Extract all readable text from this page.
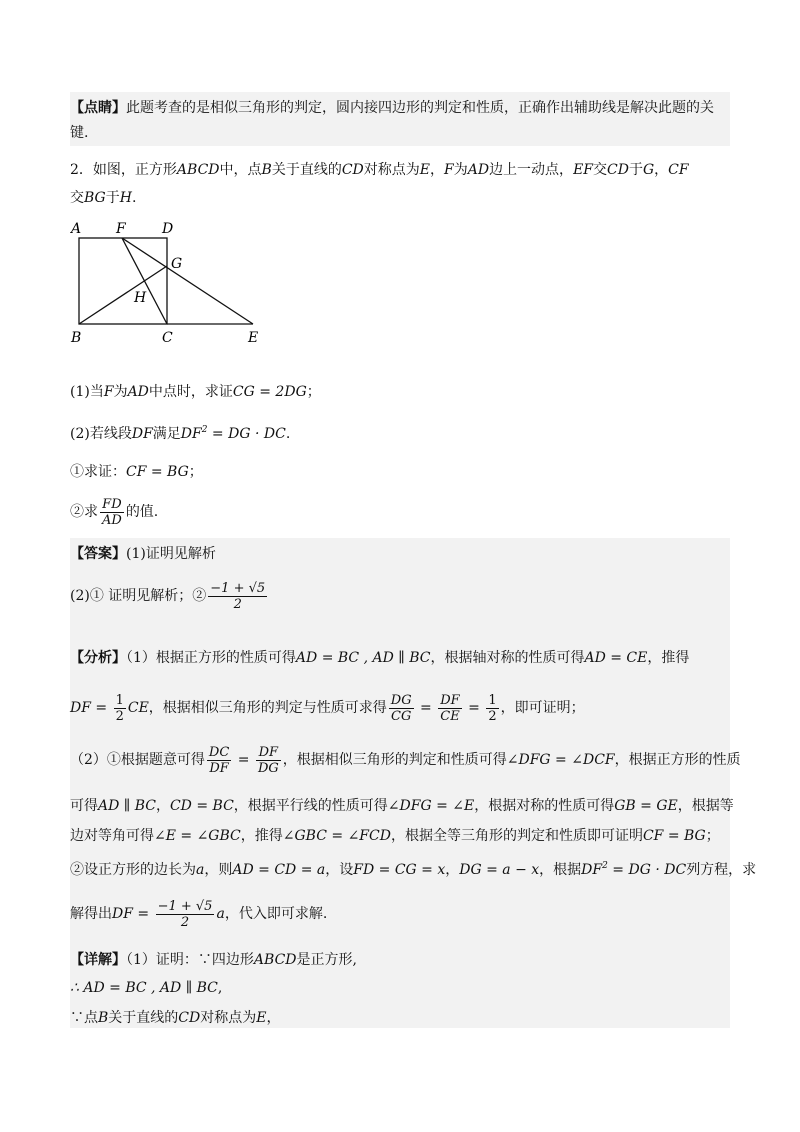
【点睛】此题考查的是相似三角形的判定，圆内接四边形的判定和性质，正确作出辅助线是解决此题的关
键.
2．如图，正方形ABCD中，点B关于直线的CD对称点为E，F为AD边上一动点，EF交CD于G，CF
交BG于H.
A F	D
G
H
B	C	E
(1)当F为AD中点时，求证CG = 2DG；
(2)若线段DF满足$DF^2$ = DG · DC.
①求证：CF = BG；
②求 $\frac{FD}{AD}$ 的值.
【答案】(1)证明见解析
(2)① 证明见解析；② $\frac{-1 + √5}{2}$
【分析】（1）根据正方形的性质可得AD = BC , AD ∥ BC，根据轴对称的性质可得AD = CE，推得
DF = $\frac{1}{2}$ CE，根据相似三角形的判定与性质可求得 $\frac{DG}{CG} = \frac{DF}{CE} = \frac{1}{2}$ ，即可证明；
（2）①根据题意可得 $\frac{DC}{DF} = \frac{DF}{DG}$ ，根据相似三角形的判定和性质可得∠DFG = ∠DCF，根据正方形的性质
可得AD ∥ BC，CD = BC，根据平行线的性质可得∠DFG = ∠E，根据对称的性质可得GB = GE，根据等
边对等角可得∠E = ∠GBC，推得∠GBC = ∠FCD，根据全等三角形的判定和性质即可证明CF = BG；
②设正方形的边长为a，则AD = CD = a，设FD = CG = x，DG = a − x，根据$DF^2$ = DG · DC列方程，求
解得出DF = $\frac{-1 + √5}{2}$ a，代入即可求解.
【详解】（1）证明：∵四边形ABCD是正方形,
∴ AD = BC , AD ∥ BC,
∵点B关于直线的CD对称点为E，
